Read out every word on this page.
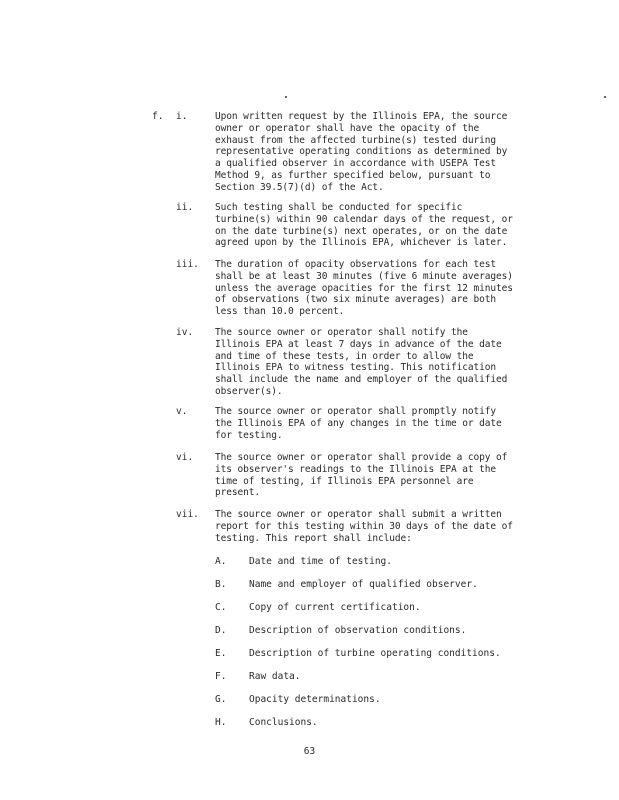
f. i.	Upon written request by the Illinois EPA, the source
owner or operator shall have the opacity of the
exhaust from the affected turbine(s) tested during
representative operating conditions as determined by
a qualified observer in accordance with USEPA Test
Method 9, as further specified below, pursuant to
Section 39.5(7)(d) of the Act.
ii. Such testing shall be conducted for specific
turbine(s) within 90 calendar days of the request, or
on the date turbine(s) next operates, or on the date
agreed upon by the Illinois EPA, whichever is later.
iii. The duration of opacity observations for each test
shall be at least 30 minutes (five 6 minute averages)
unless the average opacities for the first 12 minutes
of observations (two six minute averages) are both
less than 10.0 percent.
iv. The source owner or operator shall notify the
Illinois EPA at least 7 days in advance of the date
and time of these tests, in order to allow the
Illinois EPA to witness testing. This notification
shall include the name and employer of the qualified
observer(s).
v.	The source owner or operator shall promptly notify
the Illinois EPA of any changes in the time or date
for testing.
vi. The source owner or operator shall provide a copy of
its observer's readings to the Illinois EPA at the
time of testing, if Illinois EPA personnel are
present.
vii. The source owner or operator shall submit a written
report for this testing within 30 days of the date of
testing. This report shall include:
A. Date and time of testing.
B. Name and employer of qualified observer.
C. Copy of current certification.
D. Description of observation conditions.
E. Description of turbine operating conditions.
F. Raw data.
G. Opacity determinations.
H. Conclusions.
63
